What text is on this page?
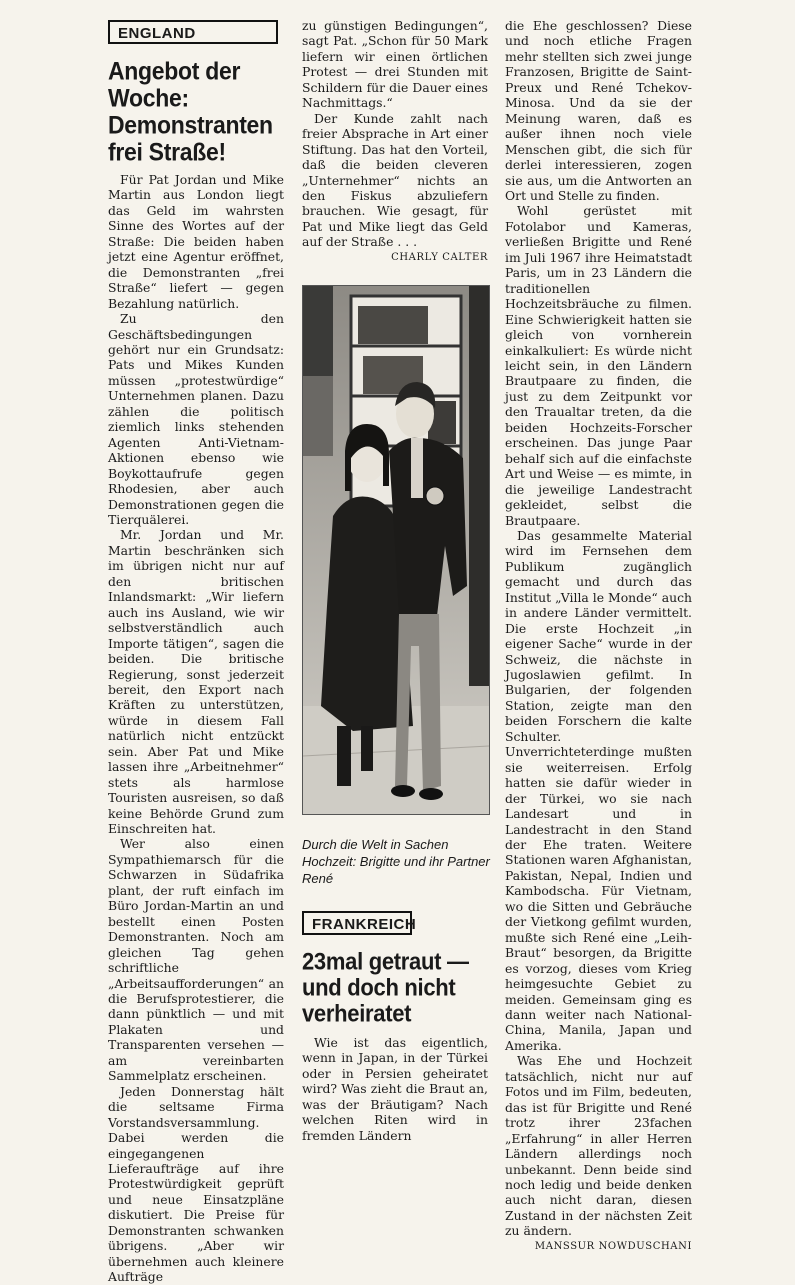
ENGLAND
Angebot der Woche: Demonstranten frei Straße!

Für Pat Jordan und Mike Martin aus London liegt das Geld im wahrsten Sinne des Wortes auf der Straße: Die beiden haben jetzt eine Agentur eröffnet, die Demonstranten „frei Straße“ liefert — gegen Bezahlung natürlich.

Zu den Geschäftsbedingungen gehört nur ein Grundsatz: Pats und Mikes Kunden müssen „protestwürdige“ Unternehmen planen. Dazu zählen die politisch ziemlich links stehenden Agenten Anti-Vietnam-Aktionen ebenso wie Boykottaufrufe gegen Rhodesien, aber auch Demonstrationen gegen die Tierquälerei.

Mr. Jordan und Mr. Martin beschränken sich im übrigen nicht nur auf den britischen Inlandsmarkt: „Wir liefern auch ins Ausland, wie wir selbstverständlich auch Importe tätigen“, sagen die beiden. Die britische Regierung, sonst jederzeit bereit, den Export nach Kräften zu unterstützen, würde in diesem Fall natürlich nicht entzückt sein. Aber Pat und Mike lassen ihre „Arbeitnehmer“ stets als harmlose Touristen ausreisen, so daß keine Behörde Grund zum Einschreiten hat.

Wer also einen Sympathiemarsch für die Schwarzen in Südafrika plant, der ruft einfach im Büro Jordan-Martin an und bestellt einen Posten Demonstranten. Noch am gleichen Tag gehen schriftliche „Arbeitsaufforderungen“ an die Berufsprotestierer, die dann pünktlich — und mit Plakaten und Transparenten versehen — am vereinbarten Sammelplatz erscheinen.

Jeden Donnerstag hält die seltsame Firma Vorstandsversammlung. Dabei werden die eingegangenen Lieferaufträge auf ihre Protestwürdigkeit geprüft und neue Einsatzpläne diskutiert. Die Preise für Demonstranten schwanken übrigens. „Aber wir übernehmen auch kleinere Aufträge

zu günstigen Bedingungen“, sagt Pat. „Schon für 50 Mark liefern wir einen örtlichen Protest — drei Stunden mit Schildern für die Dauer eines Nachmittags.“

Der Kunde zahlt nach freier Absprache in Art einer Stiftung. Das hat den Vorteil, daß die beiden cleveren „Unternehmer“ nichts an den Fiskus abzuliefern brauchen. Wie gesagt, für Pat und Mike liegt das Geld auf der Straße . . .

CHARLY CALTER
Durch die Welt in Sachen Hochzeit: Brigitte und ihr Partner René
FRANKREICH
23mal getraut — und doch nicht verheiratet

Wie ist das eigentlich, wenn in Japan, in der Türkei oder in Persien geheiratet wird? Was zieht die Braut an, was der Bräutigam? Nach welchen Riten wird in fremden Ländern

die Ehe geschlossen? Diese und noch etliche Fragen mehr stellten sich zwei junge Franzosen, Brigitte de Saint-Preux und René Tchekov-Minosa. Und da sie der Meinung waren, daß es außer ihnen noch viele Menschen gibt, die sich für derlei interessieren, zogen sie aus, um die Antworten an Ort und Stelle zu finden.

Wohl gerüstet mit Fotolabor und Kameras, verließen Brigitte und René im Juli 1967 ihre Heimatstadt Paris, um in 23 Ländern die traditionellen Hochzeitsbräuche zu filmen. Eine Schwierigkeit hatten sie gleich von vornherein einkalkuliert: Es würde nicht leicht sein, in den Ländern Brautpaare zu finden, die just zu dem Zeitpunkt vor den Traualtar treten, da die beiden Hochzeits-Forscher erscheinen. Das junge Paar behalf sich auf die einfachste Art und Weise — es mimte, in die jeweilige Landestracht gekleidet, selbst die Brautpaare.

Das gesammelte Material wird im Fernsehen dem Publikum zugänglich gemacht und durch das Institut „Villa le Monde“ auch in andere Länder vermittelt. Die erste Hochzeit „in eigener Sache“ wurde in der Schweiz, die nächste in Jugoslawien gefilmt. In Bulgarien, der folgenden Station, zeigte man den beiden Forschern die kalte Schulter. Unverrichteterdinge mußten sie weiterreisen. Erfolg hatten sie dafür wieder in der Türkei, wo sie nach Landesart und in Landestracht in den Stand der Ehe traten. Weitere Stationen waren Afghanistan, Pakistan, Nepal, Indien und Kambodscha. Für Vietnam, wo die Sitten und Gebräuche der Vietkong gefilmt wurden, mußte sich René eine „Leih-Braut“ besorgen, da Brigitte es vorzog, dieses vom Krieg heimgesuchte Gebiet zu meiden. Gemeinsam ging es dann weiter nach National-China, Manila, Japan und Amerika.

Was Ehe und Hochzeit tatsächlich, nicht nur auf Fotos und im Film, bedeuten, das ist für Brigitte und René trotz ihrer 23fachen „Erfahrung“ in aller Herren Ländern allerdings noch unbekannt. Denn beide sind noch ledig und beide denken auch nicht daran, diesen Zustand in der nächsten Zeit zu ändern.

MANSSUR NOWDUSCHANI
